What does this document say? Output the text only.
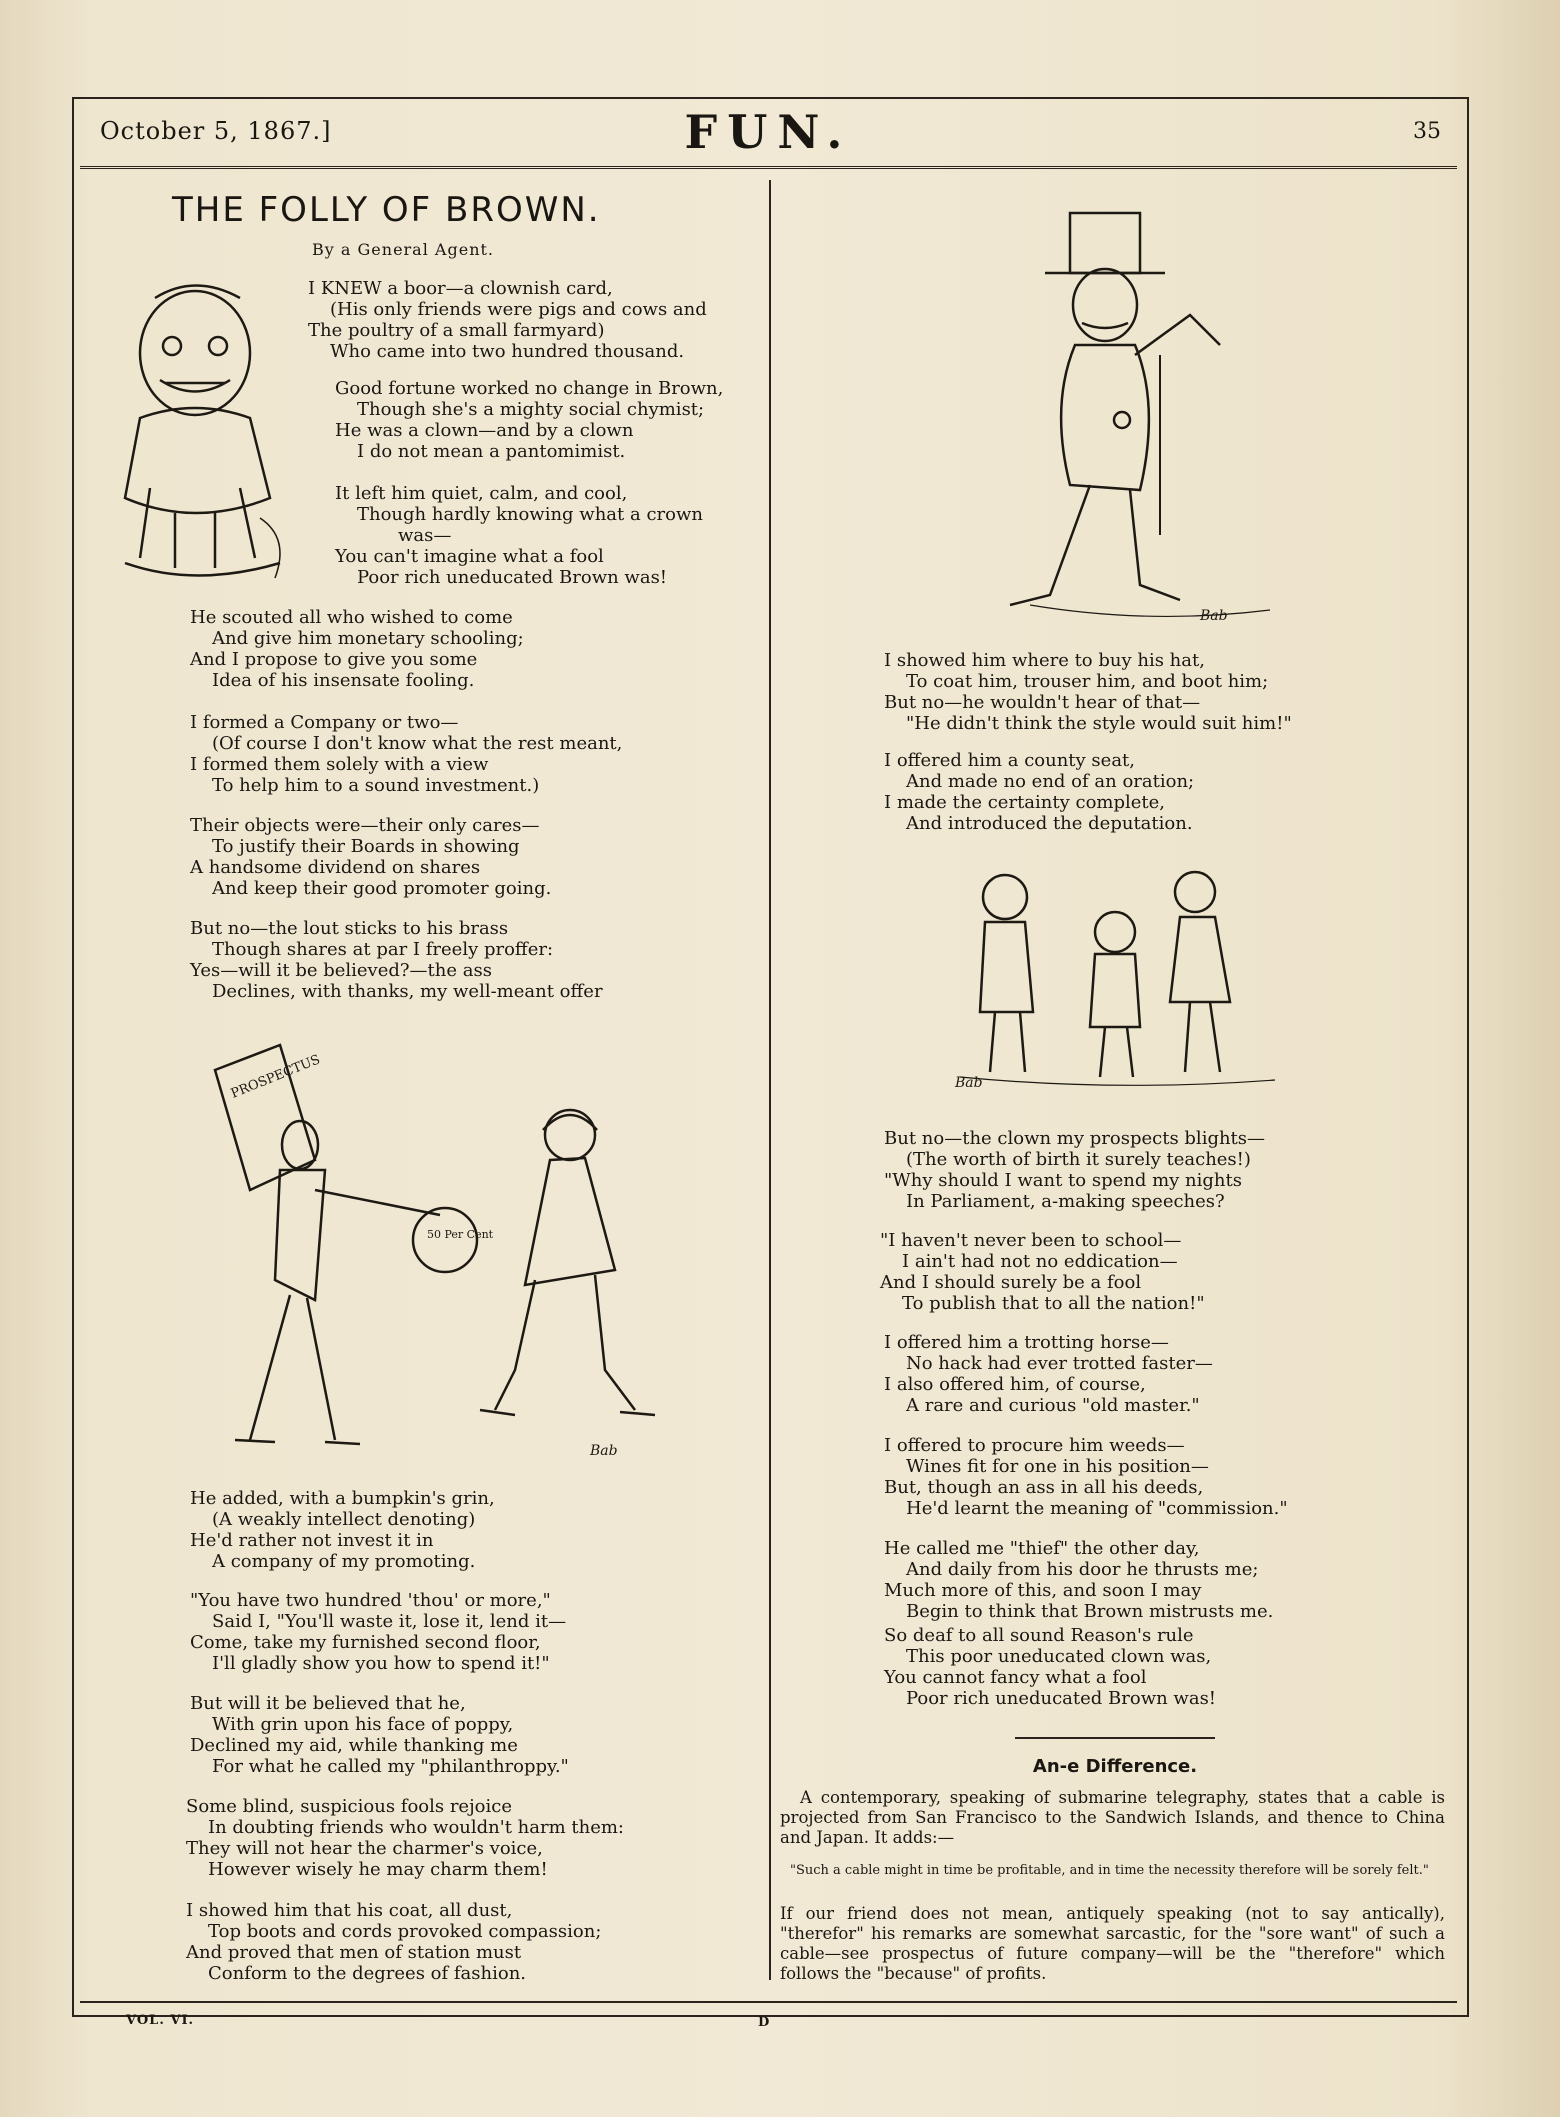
October 5, 1867.]	FUN.	35
THE FOLLY OF BROWN.
By a General Agent.
I KNEW a boor—a clownish card,
(His only friends were pigs and cows and
The poultry of a small farmyard)
Who came into two hundred thousand.
Good fortune worked no change in Brown,
Though she's a mighty social chymist;
He was a clown—and by a clown
I do not mean a pantomimist.
It left him quiet, calm, and cool,
Though hardly knowing what a crown
was—
You can't imagine what a fool
Poor rich uneducated Brown was!
He scouted all who wished to come
And give him monetary schooling;
And I propose to give you some
Idea of his insensate fooling.
I formed a Company or two—
(Of course I don't know what the rest meant,
I formed them solely with a view
To help him to a sound investment.)
Their objects were—their only cares—
To justify their Boards in showing
A handsome dividend on shares
And keep their good promoter going.
But no—the lout sticks to his brass
Though shares at par I freely proffer:
Yes—will it be believed?—the ass
Declines, with thanks, my well-meant offer
PROSPECTUS
50 Per Cent
Bab
He added, with a bumpkin's grin,
(A weakly intellect denoting)
He'd rather not invest it in
A company of my promoting.
"You have two hundred 'thou' or more,"
Said I, "You'll waste it, lose it, lend it—
Come, take my furnished second floor,
I'll gladly show you how to spend it!"
But will it be believed that he,
With grin upon his face of poppy,
Declined my aid, while thanking me
For what he called my "philanthroppy."
Some blind, suspicious fools rejoice
In doubting friends who wouldn't harm them:
They will not hear the charmer's voice,
However wisely he may charm them!
I showed him that his coat, all dust,
Top boots and cords provoked compassion;
And proved that men of station must
Conform to the degrees of fashion.
Bab
I showed him where to buy his hat,
To coat him, trouser him, and boot him;
But no—he wouldn't hear of that—
"He didn't think the style would suit him!"
I offered him a county seat,
And made no end of an oration;
I made the certainty complete,
And introduced the deputation.
Bab
But no—the clown my prospects blights—
(The worth of birth it surely teaches!)
"Why should I want to spend my nights
In Parliament, a-making speeches?
"I haven't never been to school—
I ain't had not no eddication—
And I should surely be a fool
To publish that to all the nation!"
I offered him a trotting horse—
No hack had ever trotted faster—
I also offered him, of course,
A rare and curious "old master."
I offered to procure him weeds—
Wines fit for one in his position—
But, though an ass in all his deeds,
He'd learnt the meaning of "commission."
He called me "thief" the other day,
And daily from his door he thrusts me;
Much more of this, and soon I may
Begin to think that Brown mistrusts me.
So deaf to all sound Reason's rule
This poor uneducated clown was,
You cannot fancy what a fool
Poor rich uneducated Brown was!
An-e Difference.
A contemporary, speaking of submarine telegraphy, states that a cable is projected from San Francisco to the Sandwich Islands, and thence to China and Japan. It adds:—
"Such a cable might in time be profitable, and in time the necessity therefore will be sorely felt."
If our friend does not mean, antiquely speaking (not to say antically), "therefor" his remarks are somewhat sarcastic, for the "sore want" of such a cable—see prospectus of future company—will be the "therefore" which follows the "because" of profits.
VOL. VI.	D
